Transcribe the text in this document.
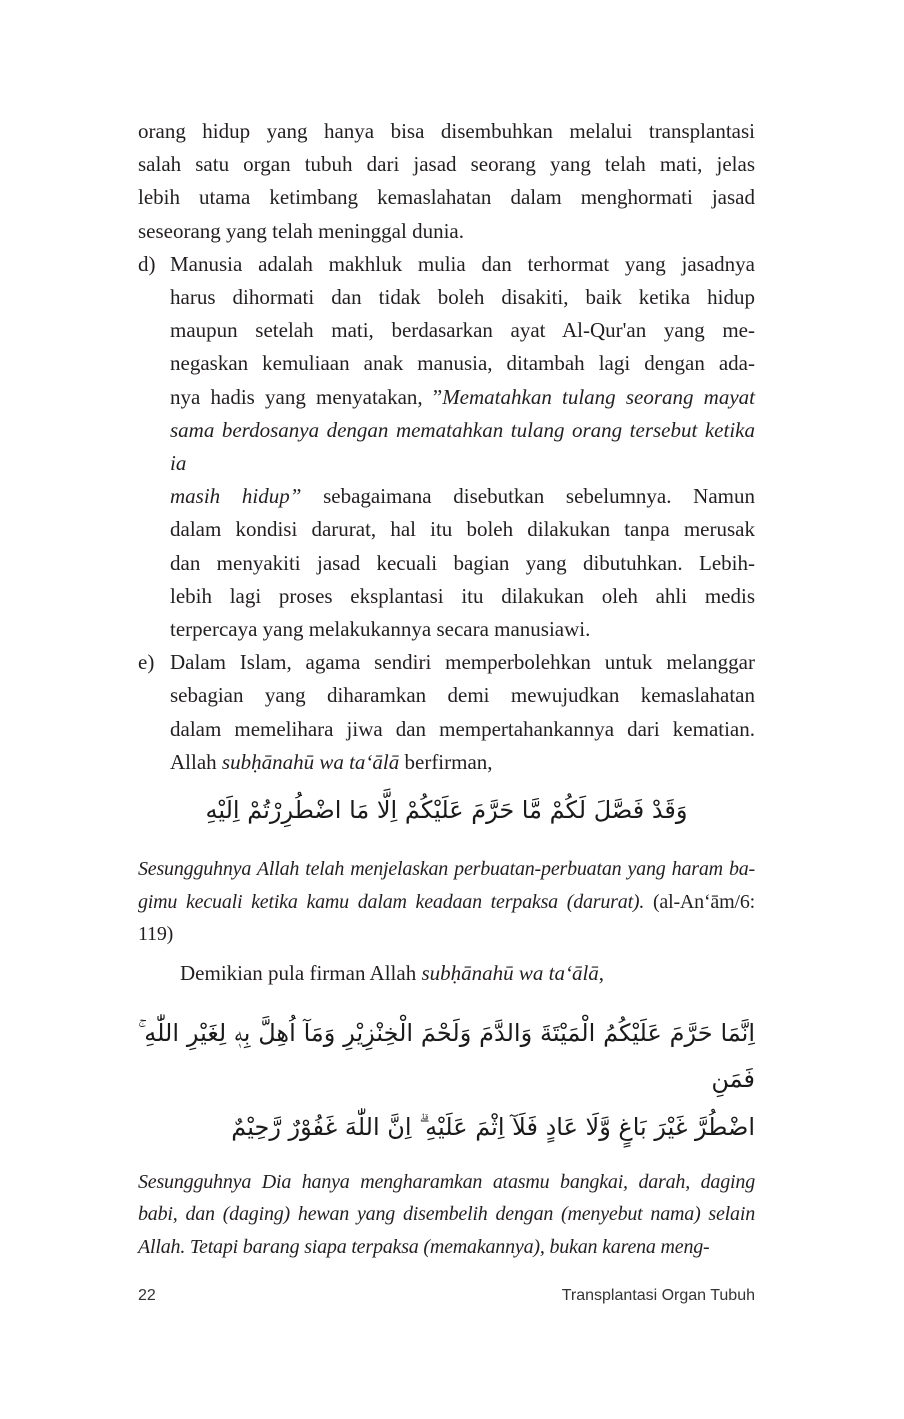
orang hidup yang hanya bisa disembuhkan melalui transplantasi
salah satu organ tubuh dari jasad seorang yang telah mati, jelas
lebih utama ketimbang kemaslahatan dalam menghormati jasad
seseorang yang telah meninggal dunia.
d) Manusia adalah makhluk mulia dan terhormat yang jasadnya
harus dihormati dan tidak boleh disakiti, baik ketika hidup
maupun setelah mati, berdasarkan ayat Al-Qur'an yang me-
negaskan kemuliaan anak manusia, ditambah lagi dengan ada-
nya hadis yang menyatakan, ”Mematahkan tulang seorang mayat
sama berdosanya dengan mematahkan tulang orang tersebut ketika ia
masih hidup” sebagaimana disebutkan sebelumnya. Namun
dalam kondisi darurat, hal itu boleh dilakukan tanpa merusak
dan menyakiti jasad kecuali bagian yang dibutuhkan. Lebih-
lebih lagi proses eksplantasi itu dilakukan oleh ahli medis
terpercaya yang melakukannya secara manusiawi.
e) Dalam Islam, agama sendiri memperbolehkan untuk melanggar
sebagian yang diharamkan demi mewujudkan kemaslahatan
dalam memelihara jiwa dan mempertahankannya dari kematian.
Allah subḥānahū wa ta‘ālā berfirman,
وَقَدْ فَصَّلَ لَكُمْ مَّا حَرَّمَ عَلَيْكُمْ اِلَّا مَا اضْطُرِرْتُمْ اِلَيْهِ
Sesungguhnya Allah telah menjelaskan perbuatan-perbuatan yang haram ba-
gimu kecuali ketika kamu dalam keadaan terpaksa (darurat). (al-An‘ām/6:
119)
Demikian pula firman Allah subḥānahū wa ta‘ālā,
اِنَّمَا حَرَّمَ عَلَيْكُمُ الْمَيْتَةَ وَالدَّمَ وَلَحْمَ الْخِنْزِيْرِ وَمَآ اُهِلَّ بِهٖ لِغَيْرِ اللّٰهِ ۚ فَمَنِ
اضْطُرَّ غَيْرَ بَاغٍ وَّلَا عَادٍ فَلَآ اِثْمَ عَلَيْهِ ۗ اِنَّ اللّٰهَ غَفُوْرٌ رَّحِيْمٌ
Sesungguhnya Dia hanya mengharamkan atasmu bangkai, darah, daging
babi, dan (daging) hewan yang disembelih dengan (menyebut nama) selain
Allah. Tetapi barang siapa terpaksa (memakannya), bukan karena meng-
22	Transplantasi Organ Tubuh
